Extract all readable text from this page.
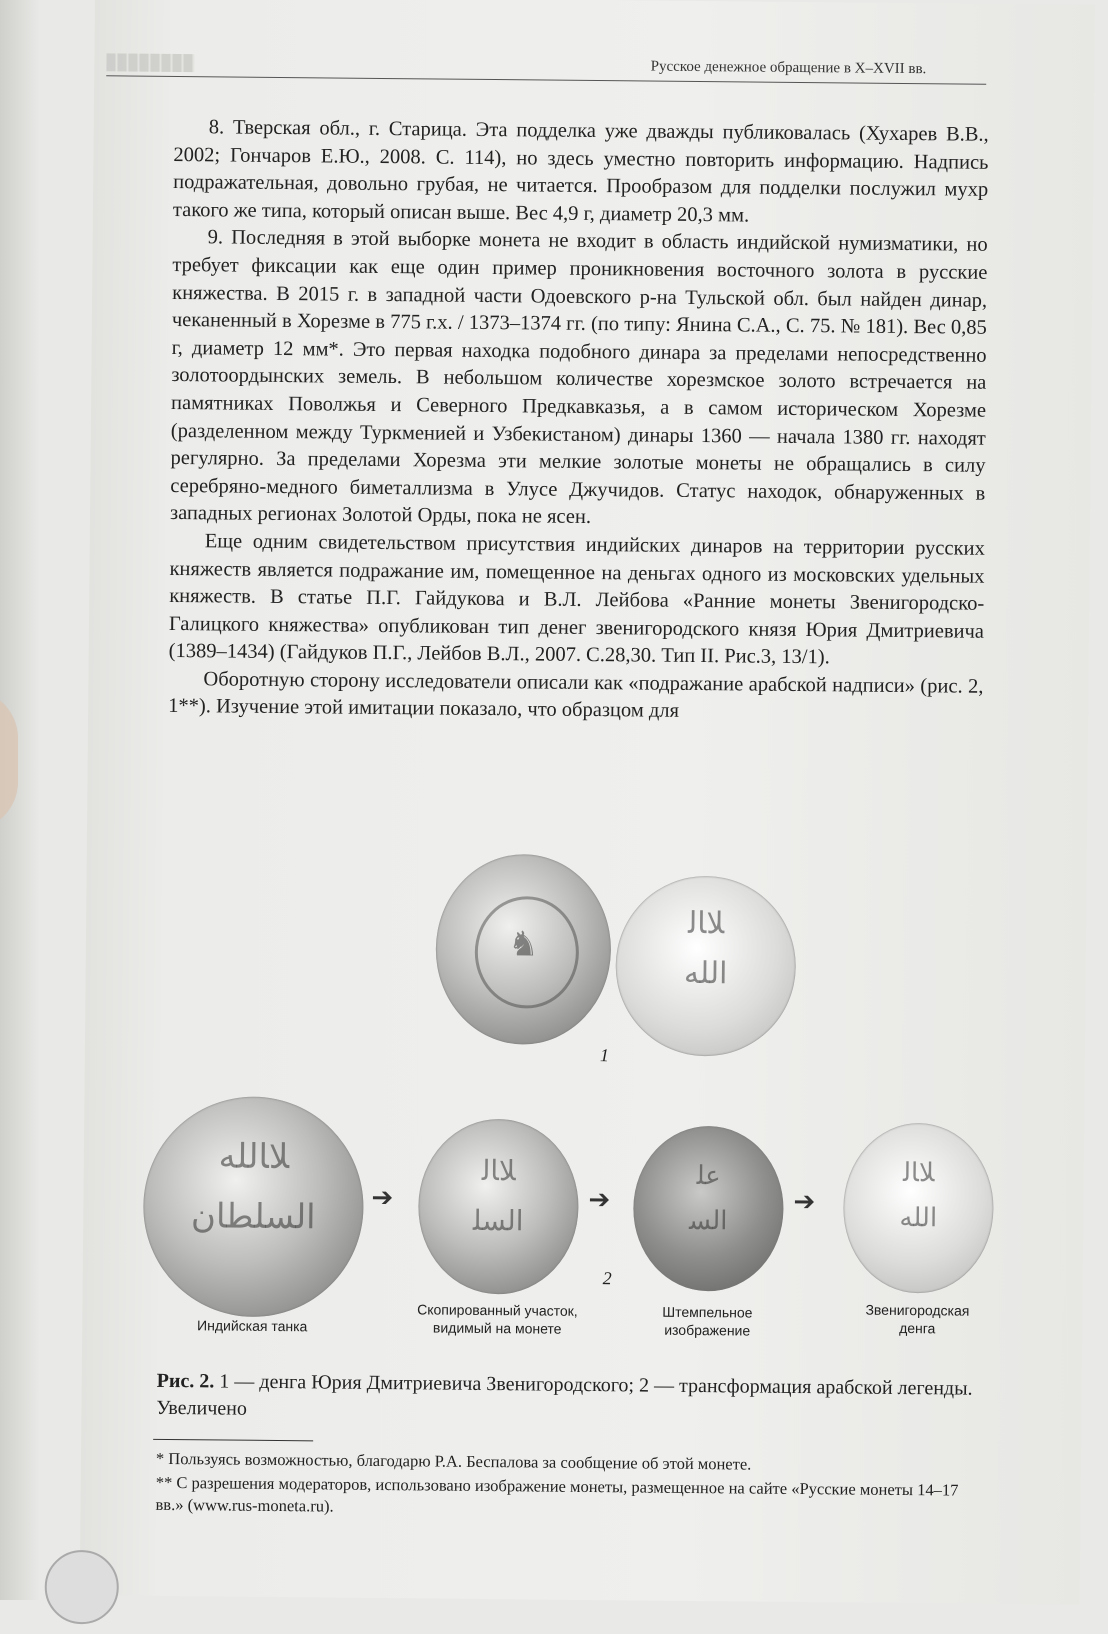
Русское денежное обращение в X–XVII вв.

8. Тверская обл., г. Старица. Эта подделка уже дважды публиковалась (Хухарев В.В., 2002; Гончаров Е.Ю., 2008. С. 114), но здесь уместно повторить информацию. Надпись подражательная, довольно грубая, не читается. Прообразом для подделки послужил мухр такого же типа, который описан выше. Вес 4,9 г, диаметр 20,3 мм.

9. Последняя в этой выборке монета не входит в область индийской нумизматики, но требует фиксации как еще один пример проникновения восточного золота в русские княжества. В 2015 г. в западной части Одоевского р-на Тульской обл. был найден динар, чеканенный в Хорезме в 775 г.х. / 1373–1374 гг. (по типу: Янина С.А., С. 75. № 181). Вес 0,85 г, диаметр 12 мм*. Это первая находка подобного динара за пределами непосредственно золотоордынских земель. В небольшом количестве хорезмское золото встречается на памятниках Поволжья и Северного Предкавказья, а в самом историческом Хорезме (разделенном между Туркменией и Узбекистаном) динары 1360 — начала 1380 гг. находят регулярно. За пределами Хорезма эти мелкие золотые монеты не обращались в силу серебряно-медного биметаллизма в Улусе Джучидов. Статус находок, обнаруженных в западных регионах Золотой Орды, пока не ясен.

Еще одним свидетельством присутствия индийских динаров на территории русских княжеств является подражание им, помещенное на деньгах одного из московских удельных княжеств. В статье П.Г. Гайдукова и В.Л. Лейбова «Ранние монеты Звенигородско-Галицкого княжества» опубликован тип денег звенигородского князя Юрия Дмитриевича (1389–1434) (Гайдуков П.Г., Лейбов В.Л., 2007. С.28,30. Тип II. Рис.3, 13/1).

Оборотную сторону исследователи описали как «подражание арабской надписи» (рис. 2, 1**). Изучение этой имитации показало, что образцом для

♞
ﻼﺎﻟ
ﺍﻟﻠﻪ
1
ﻼﺎﻟﻠﻪ
ﺍﻟﺴﻠﻄﺎﻥ	➔
ﻼﺎﻟ
ﺍﻟﺴﻠ
➔
ﻋﻠ
ﺍﻟﺴ
➔
ﻼﺎﻟ
ﺍﻟﻠﻪ
2
Индийская танка
Скопированный участок, видимый на монете
Штемпельное изображение
Звенигородская денга
Рис. 2. 1 — денга Юрия Дмитриевича Звенигородского; 2 — трансформация арабской легенды. Увеличено
* Пользуясь возможностью, благодарю Р.А. Беспалова за сообщение об этой монете.
** С разрешения модераторов, использовано изображение монеты, размещенное на сайте «Русские монеты 14–17 вв.» (www.rus-moneta.ru).
